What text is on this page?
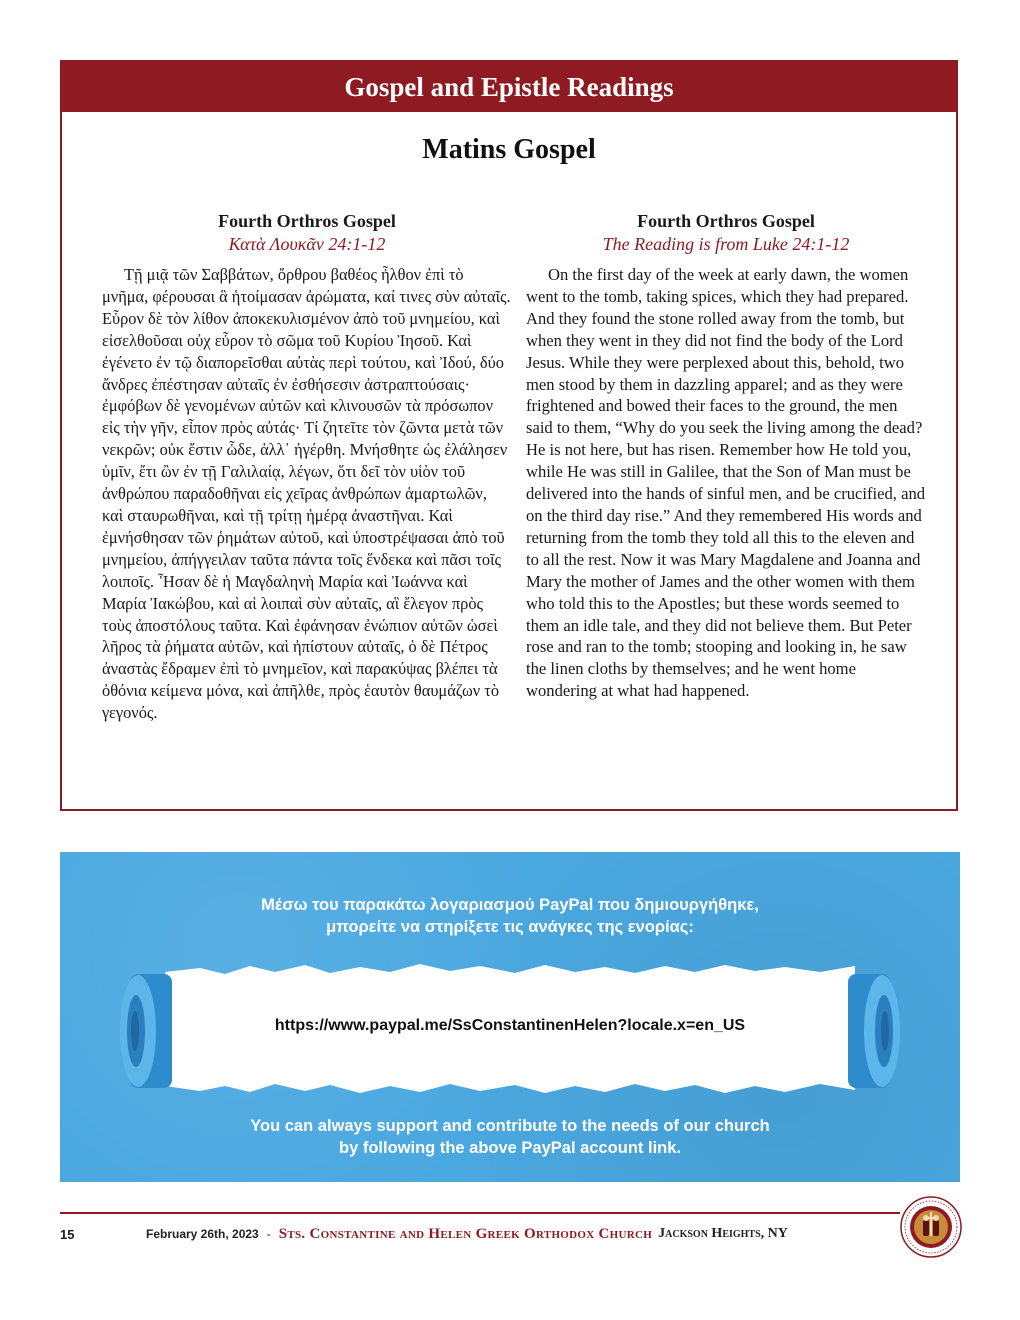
Gospel and Epistle Readings
Matins Gospel
Fourth Orthros Gospel
Κατὰ Λουκᾶν 24:1-12

Τῇ μιᾷ τῶν Σαββάτων, ὄρθρου βαθέος ἦλθον ἐπὶ τὸ μνῆμα, φέρουσαι ἃ ἡτοίμασαν ἀρώματα, καί τινες σὺν αὐταῖς. Εὗρον δὲ τὸν λίθον ἀποκεκυλισμένον ἀπὸ τοῦ μνημείου, καὶ εἰσελθοῦσαι οὐχ εὗρον τὸ σῶμα τοῦ Κυρίου Ἰησοῦ. Καὶ ἐγένετο ἐν τῷ διαπορεῖσθαι αὐτὰς περὶ τούτου, καὶ Ἰδού, δύο ἄνδρες ἐπέστησαν αὐταῖς ἐν ἐσθήσεσιν ἀστραπτούσαις· ἐμφόβων δὲ γενομένων αὐτῶν καὶ κλινουσῶν τὰ πρόσωπον εἰς τὴν γῆν, εἶπον πρὸς αὐτάς· Τί ζητεῖτε τὸν ζῶντα μετὰ τῶν νεκρῶν; οὐκ ἔστιν ὧδε, ἀλλ᾽ ἠγέρθη. Μνήσθητε ὡς ἐλάλησεν ὑμῖν, ἔτι ὢν ἐν τῇ Γαλιλαίᾳ, λέγων, ὅτι δεῖ τὸν υἱὸν τοῦ ἀνθρώπου παραδοθῆναι εἰς χεῖρας ἀνθρώπων ἁμαρτωλῶν, καὶ σταυρωθῆναι, καὶ τῇ τρίτῃ ἡμέρᾳ ἀναστῆναι. Καὶ ἐμνήσθησαν τῶν ῥημάτων αὐτοῦ, καὶ ὑποστρέψασαι ἀπὸ τοῦ μνημείου, ἀπήγγειλαν ταῦτα πάντα τοῖς ἕνδεκα καὶ πᾶσι τοῖς λοιποῖς. Ἦσαν δὲ ἡ Μαγδαληνὴ Μαρία καὶ Ἰωάννα καὶ Μαρία Ἰακώβου, καὶ αἱ λοιπαὶ σὺν αὐταῖς, αἳ ἔλεγον πρὸς τοὺς ἀποστόλους ταῦτα. Καὶ ἐφάνησαν ἐνώπιον αὐτῶν ὡσεὶ λῆρος τὰ ῥήματα αὐτῶν, καὶ ἠπίστουν αὐταῖς, ὁ δὲ Πέτρος ἀναστὰς ἔδραμεν ἐπὶ τὸ μνημεῖον, καὶ παρακύψας βλέπει τὰ ὀθόνια κείμενα μόνα, καὶ ἀπῆλθε, πρὸς ἑαυτὸν θαυμάζων τὸ γεγονός.

Fourth Orthros Gospel
The Reading is from Luke 24:1-12

On the first day of the week at early dawn, the women went to the tomb, taking spices, which they had prepared. And they found the stone rolled away from the tomb, but when they went in they did not find the body of the Lord Jesus. While they were perplexed about this, behold, two men stood by them in dazzling apparel; and as they were frightened and bowed their faces to the ground, the men said to them, “Why do you seek the living among the dead? He is not here, but has risen. Remember how He told you, while He was still in Galilee, that the Son of Man must be delivered into the hands of sinful men, and be crucified, and on the third day rise.” And they remembered His words and returning from the tomb they told all this to the eleven and to all the rest. Now it was Mary Magdalene and Joanna and Mary the mother of James and the other women with them who told this to the Apostles; but these words seemed to them an idle tale, and they did not believe them. But Peter rose and ran to the tomb; stooping and looking in, he saw the linen cloths by themselves; and he went home wondering at what had happened.

Μέσω του παρακάτω λογαριασμού PayPal που δημιουργήθηκε,
μπορείτε να στηρίξετε τις ανάγκες της ενορίας:
https://www.paypal.me/SsConstantinenHelen?locale.x=en_US
You can always support and contribute to the needs of our church
by following the above PayPal account link.
15	February 26th, 2023 - Sts. Constantine and Helen Greek Orthodox Church Jackson Heights, NY
